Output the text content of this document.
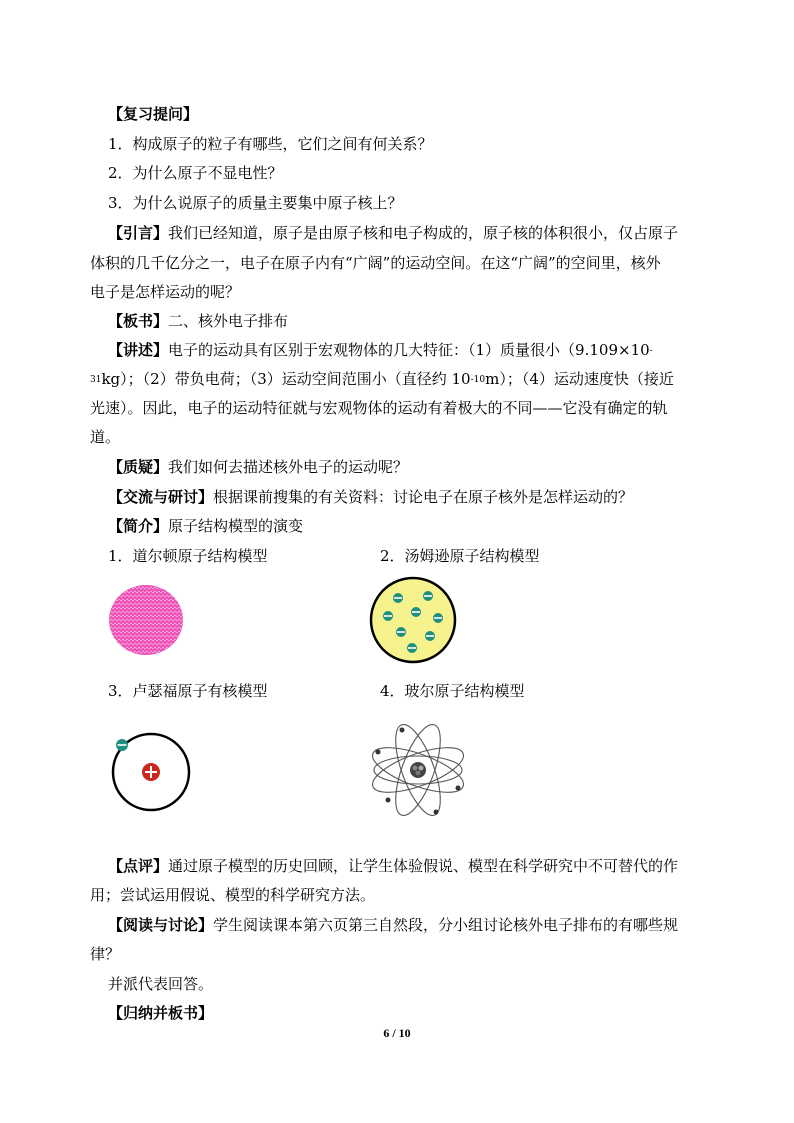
【复习提问】
1．构成原子的粒子有哪些，它们之间有何关系？
2．为什么原子不显电性？
3．为什么说原子的质量主要集中原子核上？
【引言】我们已经知道，原子是由原子核和电子构成的，原子核的体积很小，仅占原子
体积的几千亿分之一，电子在原子内有“广阔”的运动空间。在这“广阔”的空间里，核外
电子是怎样运动的呢？
【板书】二、核外电子排布
【讲述】电子的运动具有区别于宏观物体的几大特征：（1）质量很小（9.109×10-
$^{31}$kg）；（2）带负电荷；（3）运动空间范围小（直径约 $10^{-10}m$）；（4）运动速度快（接近
光速）。因此，电子的运动特征就与宏观物体的运动有着极大的不同——它没有确定的轨
道。
【质疑】我们如何去描述核外电子的运动呢？
【交流与研讨】根据课前搜集的有关资料：讨论电子在原子核外是怎样运动的？
【简介】原子结构模型的演变
1．道尔顿原子结构模型	2．汤姆逊原子结构模型
3．卢瑟福原子有核模型	4．玻尔原子结构模型
【点评】通过原子模型的历史回顾，让学生体验假说、模型在科学研究中不可替代的作
用；尝试运用假说、模型的科学研究方法。
【阅读与讨论】学生阅读课本第六页第三自然段，分小组讨论核外电子排布的有哪些规
律？
并派代表回答。
【归纳并板书】
6 / 10
